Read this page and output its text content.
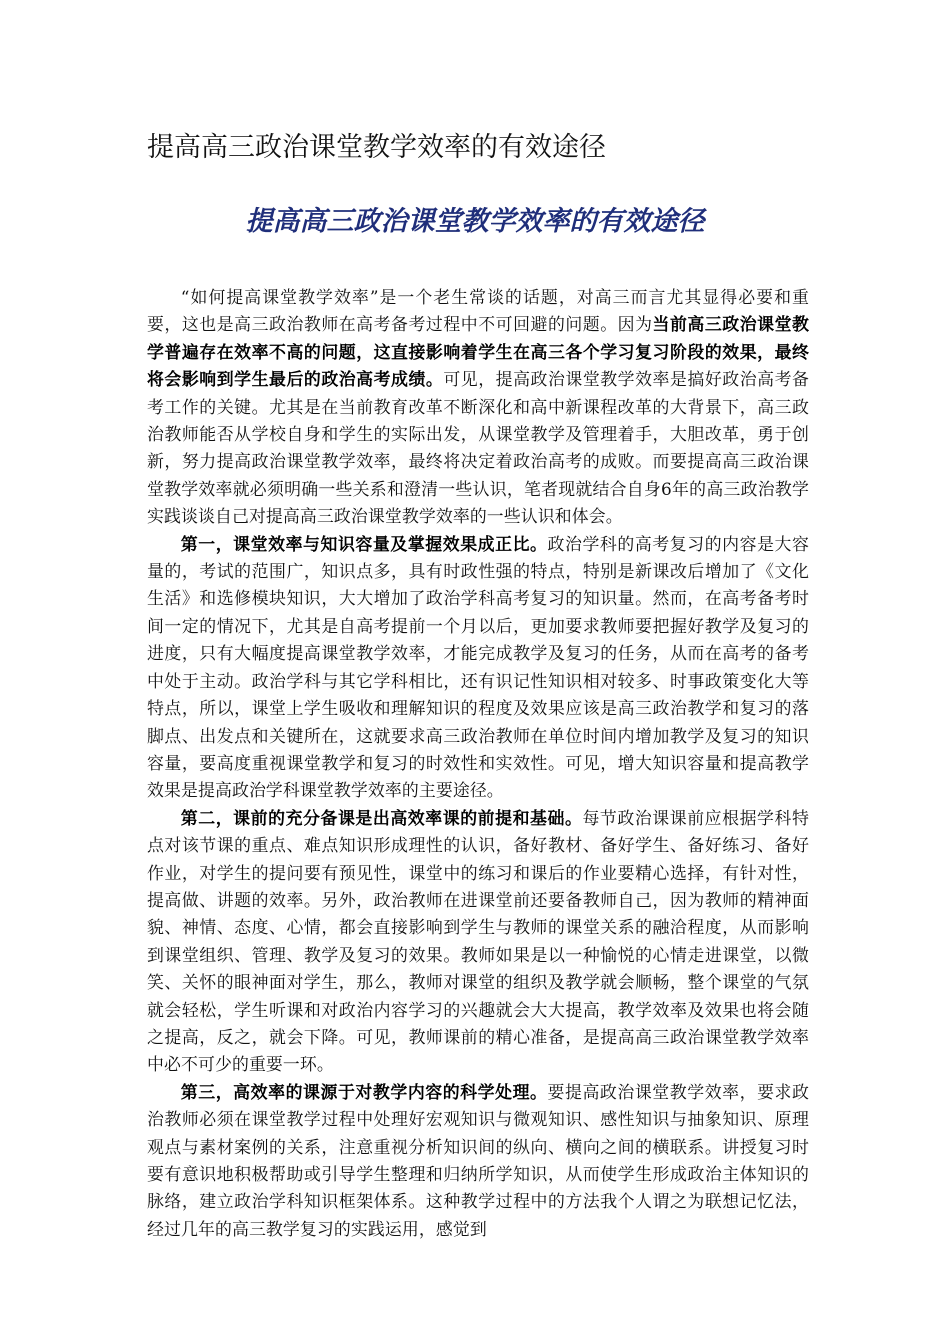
提高高三政治课堂教学效率的有效途径
提高高三政治课堂教学效率的有效途径

“如何提高课堂教学效率”是一个老生常谈的话题，对高三而言尤其显得必要和重要，这也是高三政治教师在高考备考过程中不可回避的问题。因为当前高三政治课堂教学普遍存在效率不高的问题，这直接影响着学生在高三各个学习复习阶段的效果，最终将会影响到学生最后的政治高考成绩。可见，提高政治课堂教学效率是搞好政治高考备考工作的关键。尤其是在当前教育改革不断深化和高中新课程改革的大背景下，高三政治教师能否从学校自身和学生的实际出发，从课堂教学及管理着手，大胆改革，勇于创新，努力提高政治课堂教学效率，最终将决定着政治高考的成败。而要提高高三政治课堂教学效率就必须明确一些关系和澄清一些认识，笔者现就结合自身6年的高三政治教学实践谈谈自己对提高高三政治课堂教学效率的一些认识和体会。

第一，课堂效率与知识容量及掌握效果成正比。政治学科的高考复习的内容是大容量的，考试的范围广，知识点多，具有时政性强的特点，特别是新课改后增加了《文化生活》和选修模块知识，大大增加了政治学科高考复习的知识量。然而，在高考备考时间一定的情况下，尤其是自高考提前一个月以后，更加要求教师要把握好教学及复习的进度，只有大幅度提高课堂教学效率，才能完成教学及复习的任务，从而在高考的备考中处于主动。政治学科与其它学科相比，还有识记性知识相对较多、时事政策变化大等特点，所以，课堂上学生吸收和理解知识的程度及效果应该是高三政治教学和复习的落脚点、出发点和关键所在，这就要求高三政治教师在单位时间内增加教学及复习的知识容量，要高度重视课堂教学和复习的时效性和实效性。可见，增大知识容量和提高教学效果是提高政治学科课堂教学效率的主要途径。

第二，课前的充分备课是出高效率课的前提和基础。每节政治课课前应根据学科特点对该节课的重点、难点知识形成理性的认识，备好教材、备好学生、备好练习、备好作业，对学生的提问要有预见性，课堂中的练习和课后的作业要精心选择，有针对性，提高做、讲题的效率。另外，政治教师在进课堂前还要备教师自己，因为教师的精神面貌、神情、态度、心情，都会直接影响到学生与教师的课堂关系的融洽程度，从而影响到课堂组织、管理、教学及复习的效果。教师如果是以一种愉悦的心情走进课堂，以微笑、关怀的眼神面对学生，那么，教师对课堂的组织及教学就会顺畅，整个课堂的气氛就会轻松，学生听课和对政治内容学习的兴趣就会大大提高，教学效率及效果也将会随之提高，反之，就会下降。可见，教师课前的精心准备，是提高高三政治课堂教学效率中必不可少的重要一环。

第三，高效率的课源于对教学内容的科学处理。要提高政治课堂教学效率，要求政治教师必须在课堂教学过程中处理好宏观知识与微观知识、感性知识与抽象知识、原理观点与素材案例的关系，注意重视分析知识间的纵向、横向之间的横联系。讲授复习时要有意识地积极帮助或引导学生整理和归纳所学知识，从而使学生形成政治主体知识的脉络，建立政治学科知识框架体系。这种教学过程中的方法我个人谓之为联想记忆法，经过几年的高三教学复习的实践运用，感觉到
